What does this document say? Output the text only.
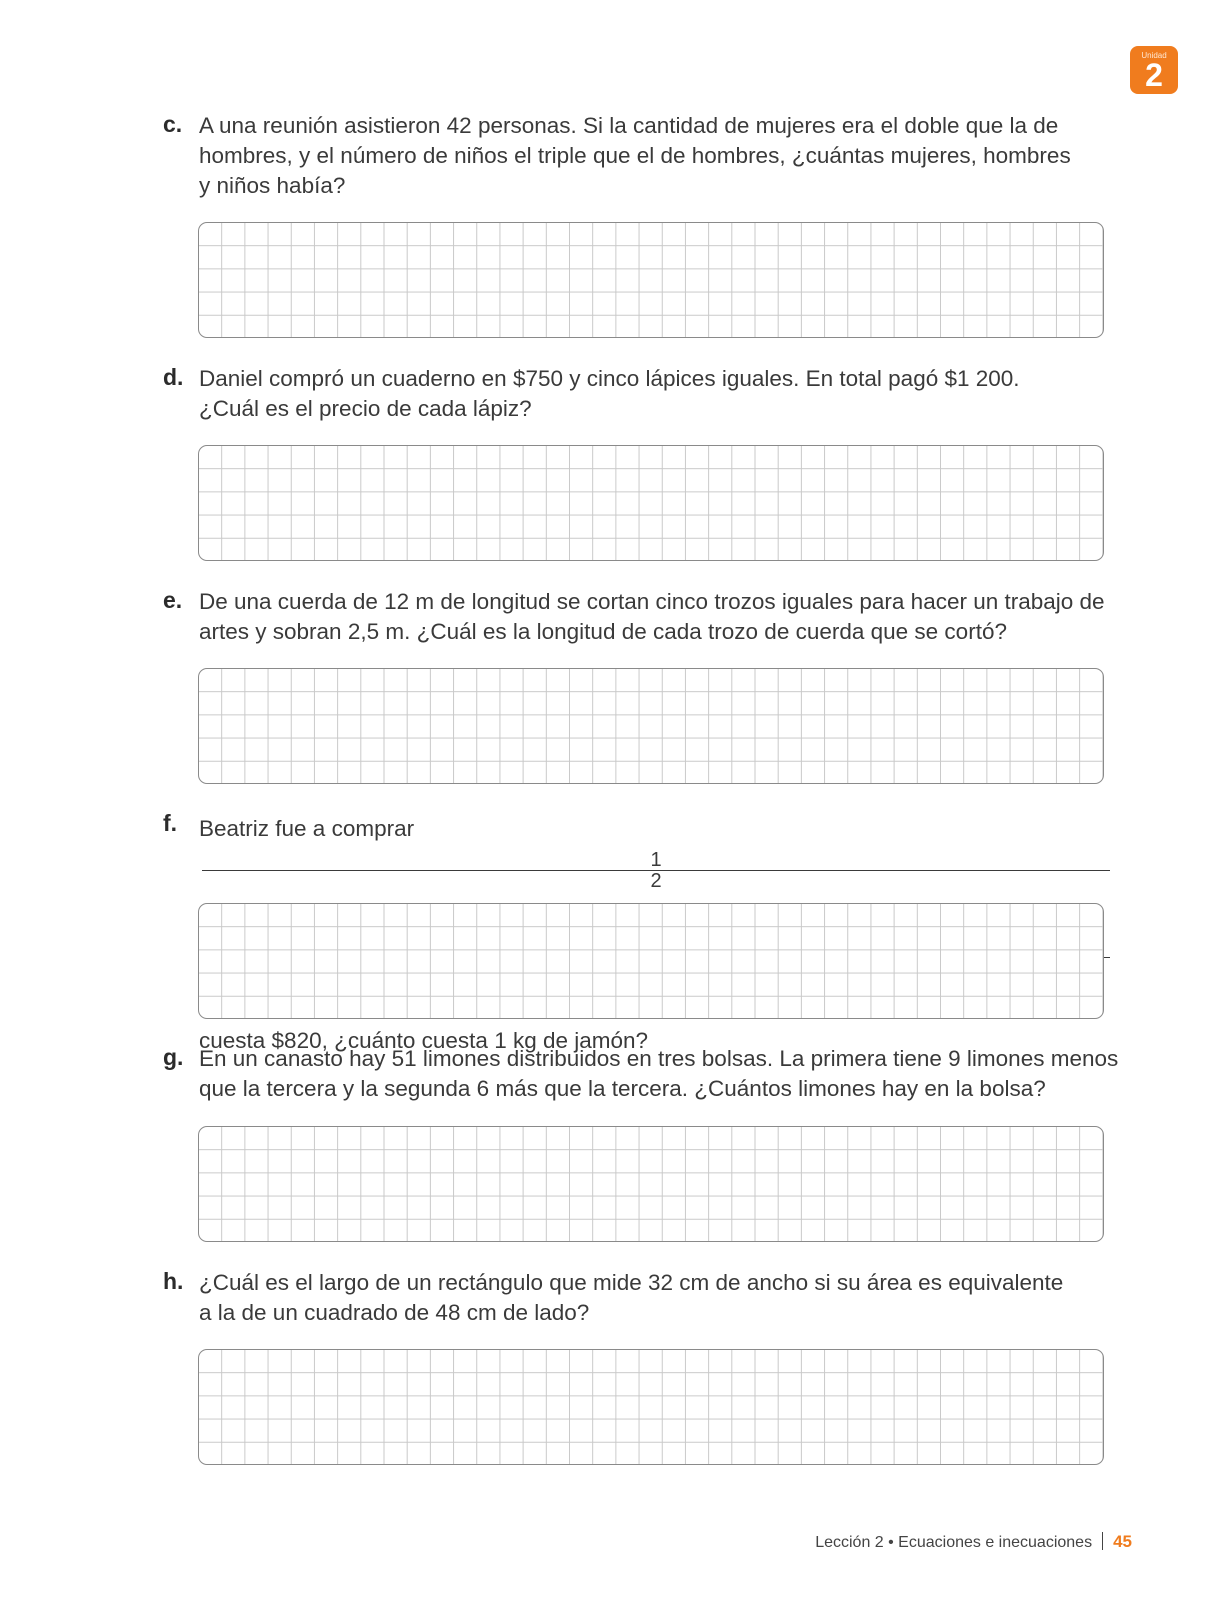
Unidad
2
c. A una reunión asistieron 42 personas. Si la cantidad de mujeres era el doble que la de
hombres, y el número de niños el triple que el de hombres, ¿cuántas mujeres, hombres
y niños había?
d. Daniel compró un cuaderno en $750 y cinco lápices iguales. En total pagó $1 200.
¿Cuál es el precio de cada lápiz?
e. De una cuerda de 12 m de longitud se cortan cinco trozos iguales para hacer un trabajo de
artes y sobran 2,5 m. ¿Cuál es la longitud de cada trozo de cuerda que se cortó?
f. Beatriz fue a comprar
1
2
cuesta $820, ¿cuánto cuesta 1 kg de jamón?
g. En un canasto hay 51 limones distribuidos en tres bolsas. La primera tiene 9 limones menos
que la tercera y la segunda 6 más que la tercera. ¿Cuántos limones hay en la bolsa?
h. ¿Cuál es el largo de un rectángulo que mide 32 cm de ancho si su área es equivalente
a la de un cuadrado de 48 cm de lado?
Lección 2 • Ecuaciones e inecuaciones 45
